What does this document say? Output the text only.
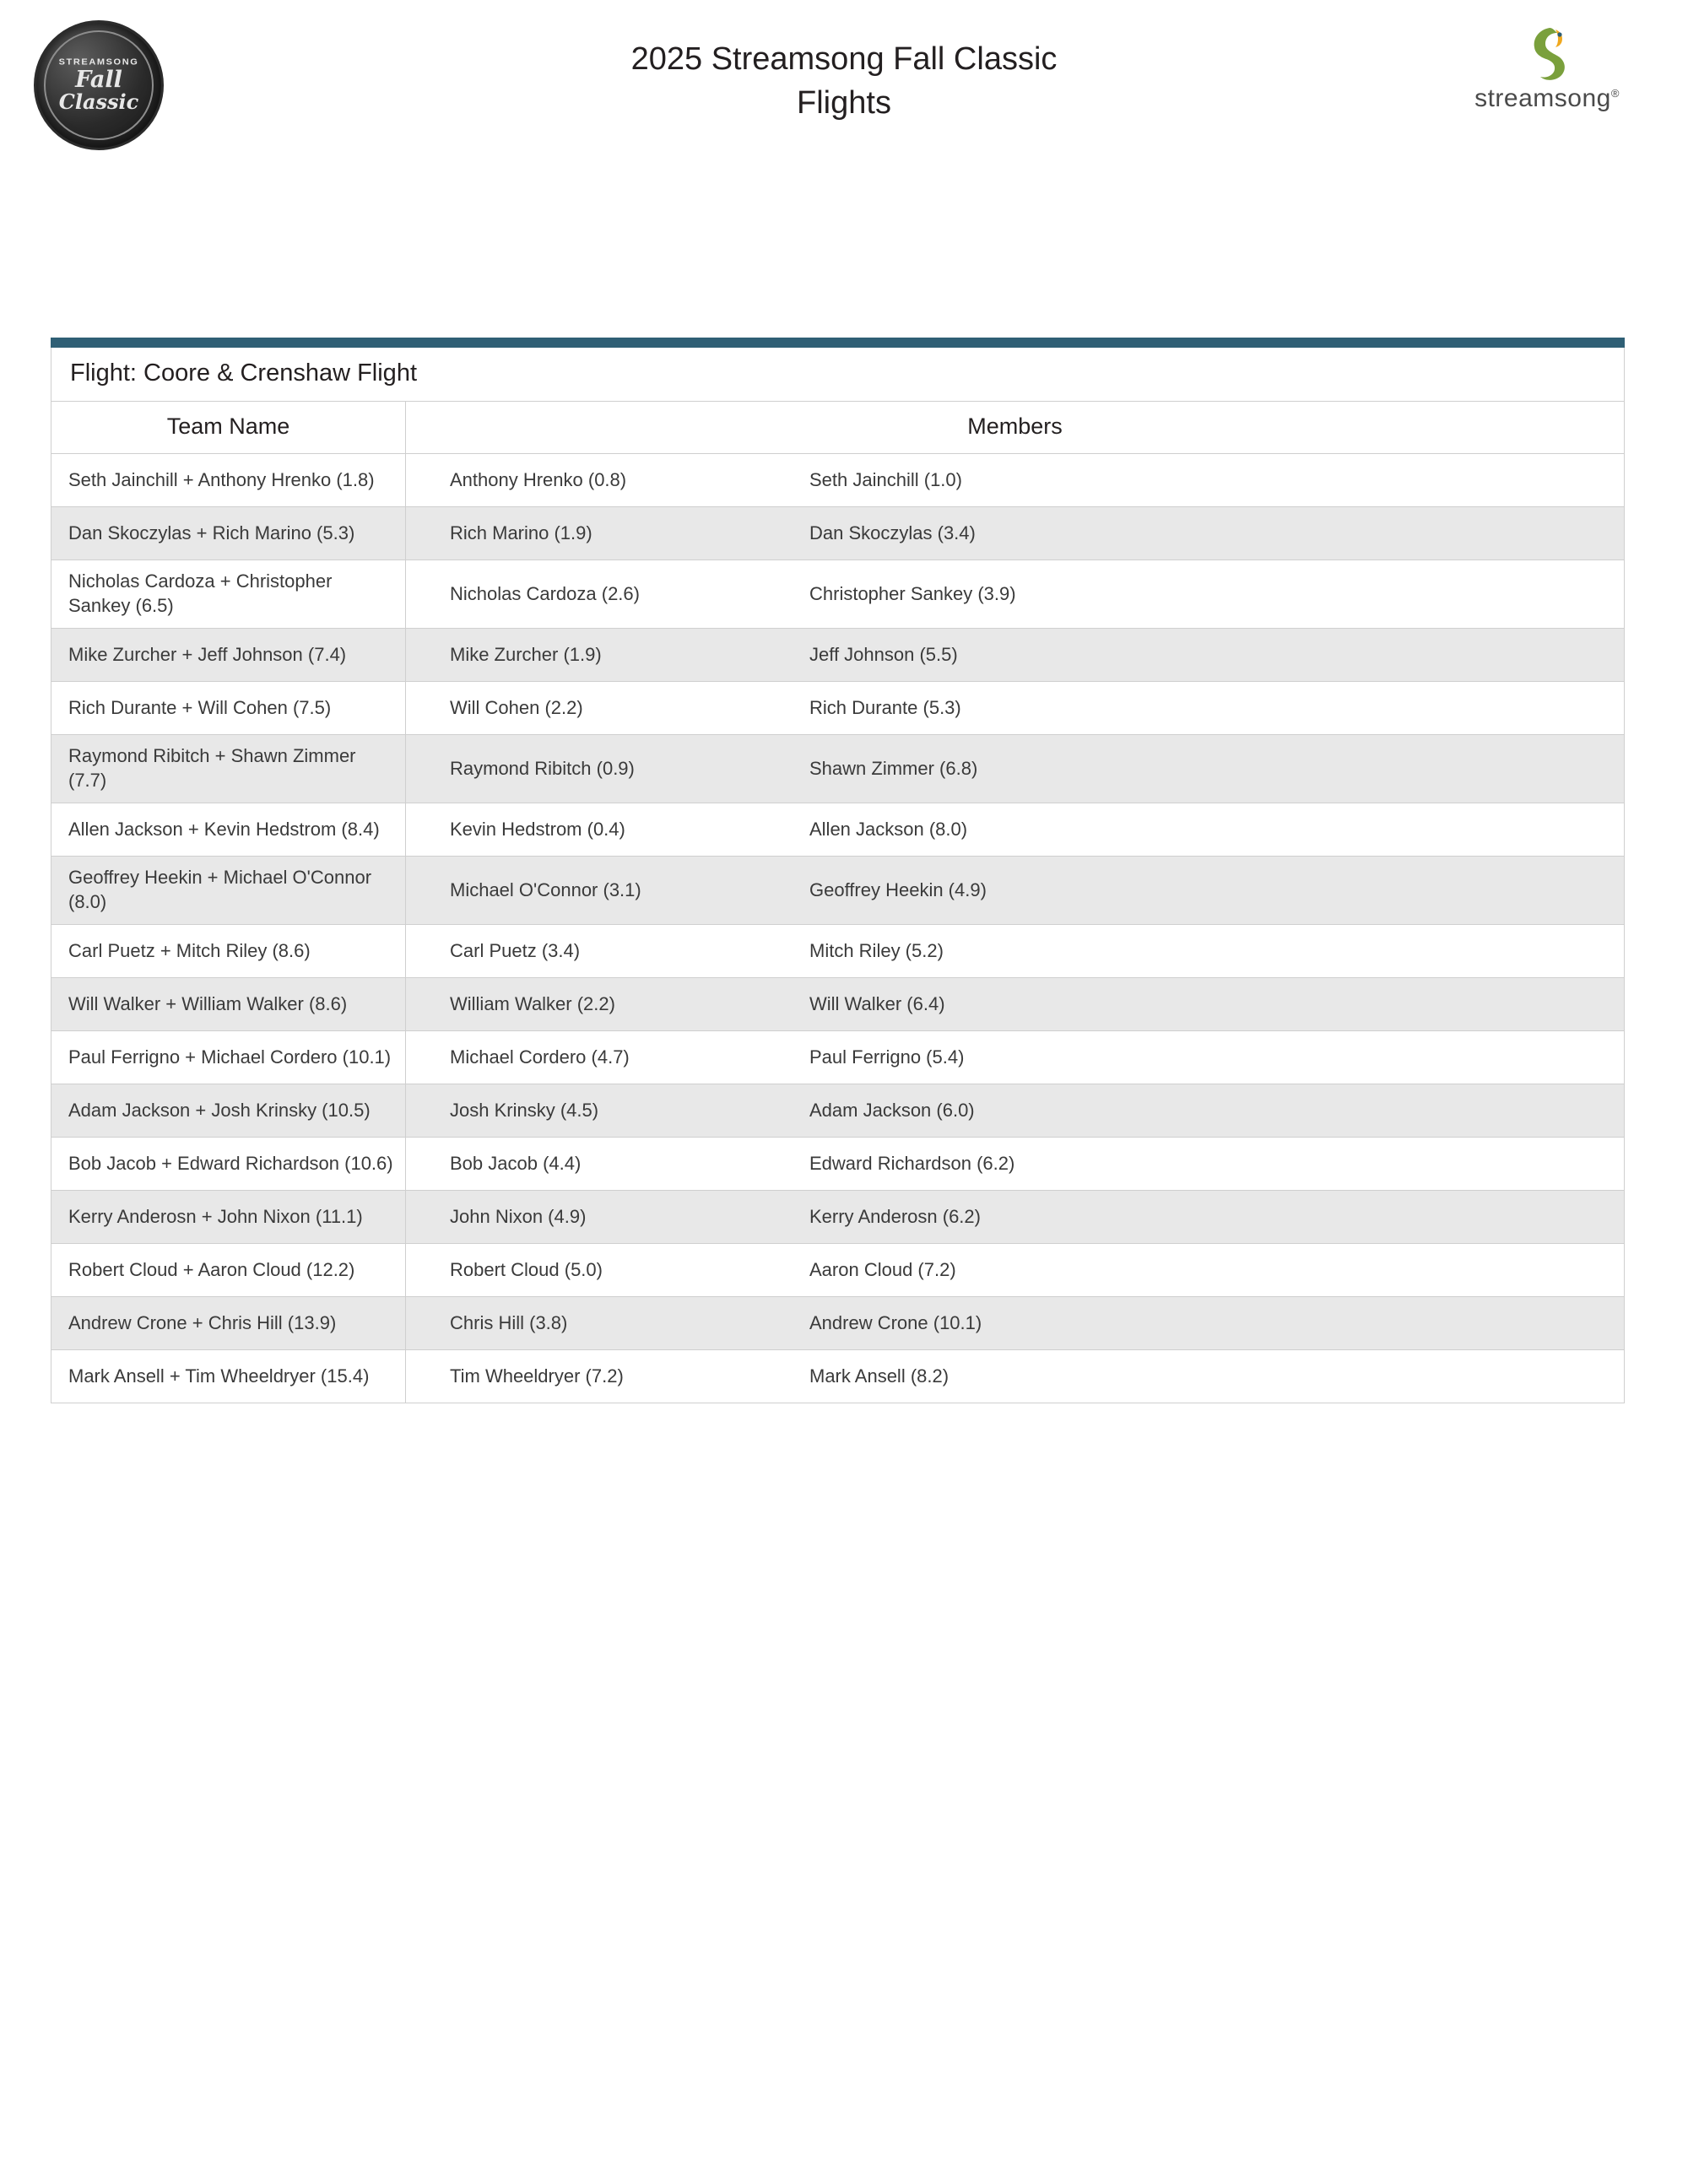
STREAMSONG
Fall
Classic
2025 Streamsong Fall Classic
Flights	streamsong®
Flight: Coore & Crenshaw Flight	
Team Name	Members
Seth Jainchill + Anthony Hrenko (1.8)	Anthony Hrenko (0.8) Seth Jainchill (1.0)

Dan Skoczylas + Rich Marino (5.3)	Rich Marino (1.9) Dan Skoczylas (3.4)

Nicholas Cardoza + Christopher Sankey (6.5)	Nicholas Cardoza (2.6) Christopher Sankey (3.9)

Mike Zurcher + Jeff Johnson (7.4)	Mike Zurcher (1.9) Jeff Johnson (5.5)

Rich Durante + Will Cohen (7.5)	Will Cohen (2.2) Rich Durante (5.3)

Raymond Ribitch + Shawn Zimmer (7.7)	Raymond Ribitch (0.9) Shawn Zimmer (6.8)

Allen Jackson + Kevin Hedstrom (8.4)	Kevin Hedstrom (0.4) Allen Jackson (8.0)

Geoffrey Heekin + Michael O'Connor (8.0)	Michael O'Connor (3.1) Geoffrey Heekin (4.9)

Carl Puetz + Mitch Riley (8.6)	Carl Puetz (3.4) Mitch Riley (5.2)

Will Walker + William Walker (8.6)	William Walker (2.2) Will Walker (6.4)

Paul Ferrigno + Michael Cordero (10.1)	Michael Cordero (4.7) Paul Ferrigno (5.4)

Adam Jackson + Josh Krinsky (10.5)	Josh Krinsky (4.5) Adam Jackson (6.0)

Bob Jacob + Edward Richardson (10.6)	Bob Jacob (4.4) Edward Richardson (6.2)

Kerry Anderosn + John Nixon (11.1)	John Nixon (4.9) Kerry Anderosn (6.2)

Robert Cloud + Aaron Cloud (12.2)	Robert Cloud (5.0) Aaron Cloud (7.2)

Andrew Crone + Chris Hill (13.9)	Chris Hill (3.8) Andrew Crone (10.1)

Mark Ansell + Tim Wheeldryer (15.4)	Tim Wheeldryer (7.2) Mark Ansell (8.2)
